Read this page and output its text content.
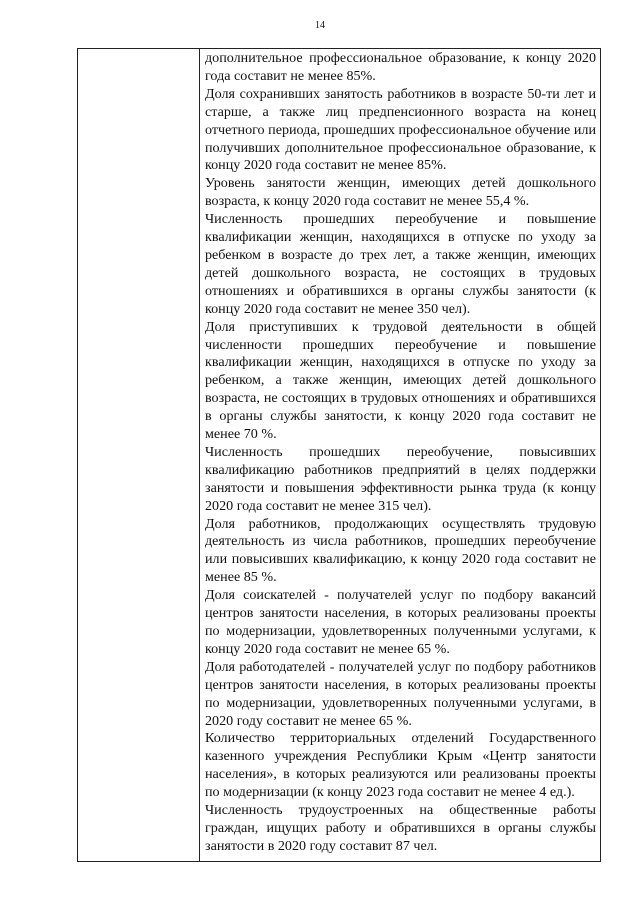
14

дополнительное профессиональное образование, к концу 2020 года составит не менее 85%.

Доля сохранивших занятость работников в возрасте 50-ти лет и старше, а также лиц предпенсионного возраста на конец отчетного периода, прошедших профессиональное обучение или получивших дополнительное профессиональное образование, к концу 2020 года составит не менее 85%.

Уровень занятости женщин, имеющих детей дошкольного возраста, к концу 2020 года составит не менее 55,4 %.

Численность прошедших переобучение и повышение квалификации женщин, находящихся в отпуске по уходу за ребенком в возрасте до трех лет, а также женщин, имеющих детей дошкольного возраста, не состоящих в трудовых отношениях и обратившихся в органы службы занятости (к концу 2020 года составит не менее 350 чел).

Доля приступивших к трудовой деятельности в общей численности прошедших переобучение и повышение квалификации женщин, находящихся в отпуске по уходу за ребенком, а также женщин, имеющих детей дошкольного возраста, не состоящих в трудовых отношениях и обратившихся в органы службы занятости, к концу 2020 года составит не менее 70 %.

Численность прошедших переобучение, повысивших квалификацию работников предприятий в целях поддержки занятости и повышения эффективности рынка труда (к концу 2020 года составит не менее 315 чел).

Доля работников, продолжающих осуществлять трудовую деятельность из числа работников, прошедших переобучение или повысивших квалификацию, к концу 2020 года составит не менее 85 %.

Доля соискателей - получателей услуг по подбору вакансий центров занятости населения, в которых реализованы проекты по модернизации, удовлетворенных полученными услугами, к концу 2020 года составит не менее 65 %.

Доля работодателей - получателей услуг по подбору работников центров занятости населения, в которых реализованы проекты по модернизации, удовлетворенных полученными услугами, в 2020 году составит не менее 65 %.

Количество территориальных отделений Государственного казенного учреждения Республики Крым «Центр занятости населения», в которых реализуются или реализованы проекты по модернизации (к концу 2023 года составит не менее 4 ед.).

Численность трудоустроенных на общественные работы граждан, ищущих работу и обратившихся в органы службы занятости в 2020 году составит 87 чел.
